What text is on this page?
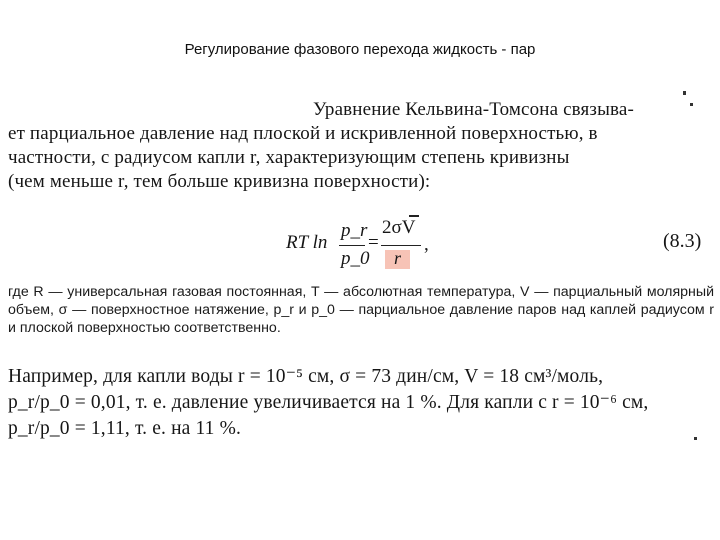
Регулирование фазового перехода жидкость - пар
Уравнение Кельвина-Томсона связыва-
ет парциальное давление над плоской и искривленной поверхностью, в
частности, с радиусом капли r, характеризующим степень кривизны
(чем меньше r, тем больше кривизна поверхности):
RT ln
p_r
p_0
=
2σV
,
r
(8.3)
где R — универсальная газовая постоянная, T — абсолютная температура, V — парциальный молярный объем, σ — поверхностное натяжение, p_r и p_0 — парциальное давление паров над каплей радиусом r и плоской поверхностью соответственно.
Например, для капли воды r = 10⁻⁵ см, σ = 73 дин/см, V = 18 см³/моль,
p_r/p_0 = 0,01, т. е. давление увеличивается на 1 %. Для капли с r = 10⁻⁶ см,
p_r/p_0 = 1,11, т. е. на 11 %.
